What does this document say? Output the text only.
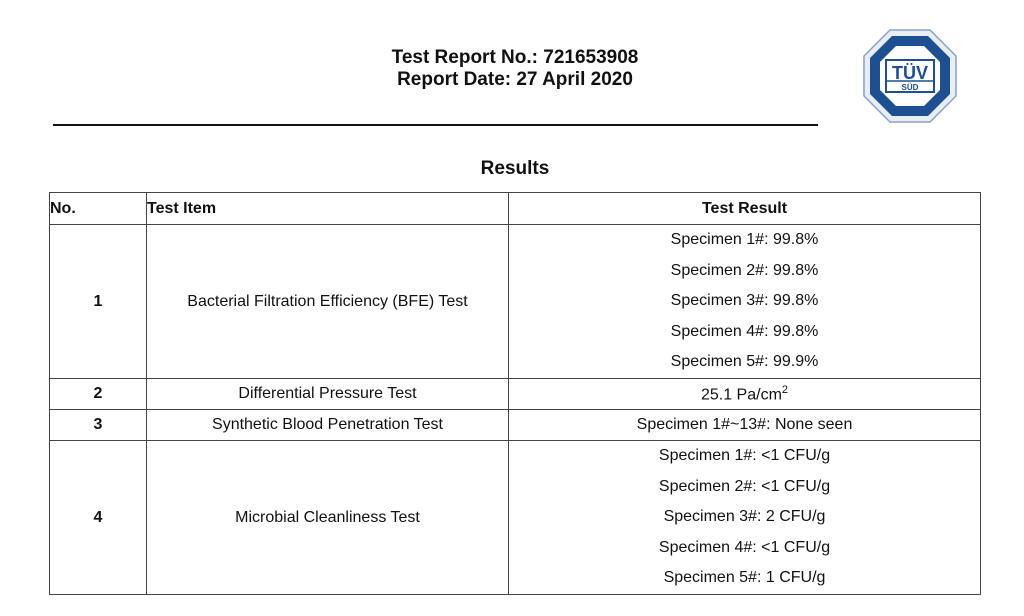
Test Report No.: 721653908
Report Date: 27 April 2020	TÜV
SÜD
Results
No.	Test Item	Test Result
1	Bacterial Filtration Efficiency (BFE) Test	Specimen 1#: 99.8%
Specimen 2#: 99.8%
Specimen 3#: 99.8%
Specimen 4#: 99.8%
Specimen 5#: 99.9%

2	Differential Pressure Test	25.1 $Pa/cm^2$
3	Synthetic Blood Penetration Test	Specimen 1#~13#: None seen
4	Microbial Cleanliness Test	Specimen 1#: <1 CFU/g
Specimen 2#: <1 CFU/g
Specimen 3#: 2 CFU/g
Specimen 4#: <1 CFU/g
Specimen 5#: 1 CFU/g
